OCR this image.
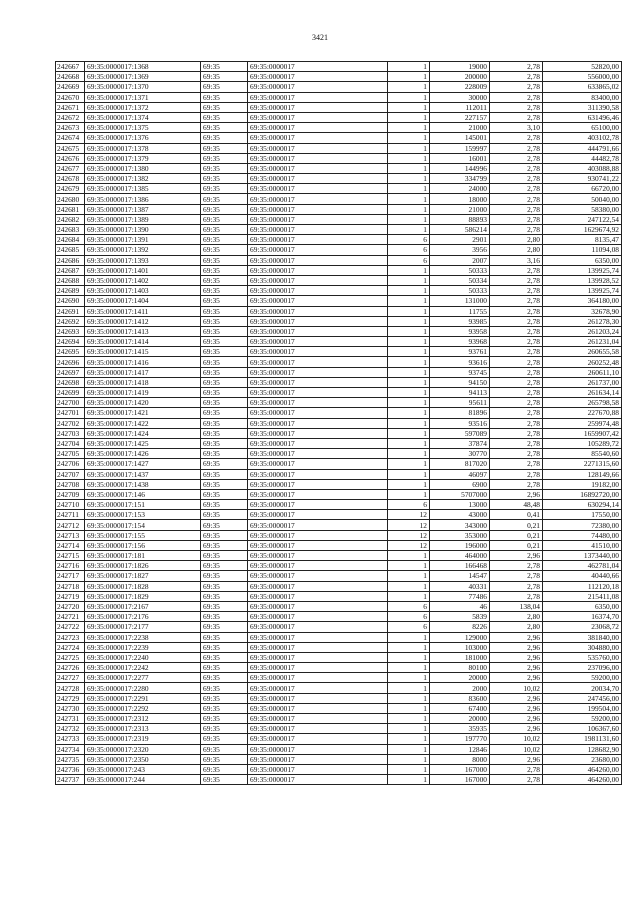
3421
242667	69:35:0000017:1368	69:35	69:35:0000017	1	19000	2,78	52820,00
242668	69:35:0000017:1369	69:35	69:35:0000017	1	200000	2,78	556000,00
242669	69:35:0000017:1370	69:35	69:35:0000017	1	228009	2,78	633865,02
242670	69:35:0000017:1371	69:35	69:35:0000017	1	30000	2,78	83400,00
242671	69:35:0000017:1372	69:35	69:35:0000017	1	112011	2,78	311390,58
242672	69:35:0000017:1374	69:35	69:35:0000017	1	227157	2,78	631496,46
242673	69:35:0000017:1375	69:35	69:35:0000017	1	21000	3,10	65100,00
242674	69:35:0000017:1376	69:35	69:35:0000017	1	145001	2,78	403102,78
242675	69:35:0000017:1378	69:35	69:35:0000017	1	159997	2,78	444791,66
242676	69:35:0000017:1379	69:35	69:35:0000017	1	16001	2,78	44482,78
242677	69:35:0000017:1380	69:35	69:35:0000017	1	144996	2,78	403088,88
242678	69:35:0000017:1382	69:35	69:35:0000017	1	334799	2,78	930741,22
242679	69:35:0000017:1385	69:35	69:35:0000017	1	24000	2,78	66720,00
242680	69:35:0000017:1386	69:35	69:35:0000017	1	18000	2,78	50040,00
242681	69:35:0000017:1387	69:35	69:35:0000017	1	21000	2,78	58380,00
242682	69:35:0000017:1389	69:35	69:35:0000017	1	88893	2,78	247122,54
242683	69:35:0000017:1390	69:35	69:35:0000017	1	586214	2,78	1629674,92
242684	69:35:0000017:1391	69:35	69:35:0000017	6	2901	2,80	8135,47
242685	69:35:0000017:1392	69:35	69:35:0000017	6	3956	2,80	11094,08
242686	69:35:0000017:1393	69:35	69:35:0000017	6	2007	3,16	6350,00
242687	69:35:0000017:1401	69:35	69:35:0000017	1	50333	2,78	139925,74
242688	69:35:0000017:1402	69:35	69:35:0000017	1	50334	2,78	139928,52
242689	69:35:0000017:1403	69:35	69:35:0000017	1	50333	2,78	139925,74
242690	69:35:0000017:1404	69:35	69:35:0000017	1	131000	2,78	364180,00
242691	69:35:0000017:1411	69:35	69:35:0000017	1	11755	2,78	32678,90
242692	69:35:0000017:1412	69:35	69:35:0000017	1	93985	2,78	261278,30
242693	69:35:0000017:1413	69:35	69:35:0000017	1	93958	2,78	261203,24
242694	69:35:0000017:1414	69:35	69:35:0000017	1	93968	2,78	261231,04
242695	69:35:0000017:1415	69:35	69:35:0000017	1	93761	2,78	260655,58
242696	69:35:0000017:1416	69:35	69:35:0000017	1	93616	2,78	260252,48
242697	69:35:0000017:1417	69:35	69:35:0000017	1	93745	2,78	260611,10
242698	69:35:0000017:1418	69:35	69:35:0000017	1	94150	2,78	261737,00
242699	69:35:0000017:1419	69:35	69:35:0000017	1	94113	2,78	261634,14
242700	69:35:0000017:1420	69:35	69:35:0000017	1	95611	2,78	265798,58
242701	69:35:0000017:1421	69:35	69:35:0000017	1	81896	2,78	227670,88
242702	69:35:0000017:1422	69:35	69:35:0000017	1	93516	2,78	259974,48
242703	69:35:0000017:1424	69:35	69:35:0000017	1	597089	2,78	1659907,42
242704	69:35:0000017:1425	69:35	69:35:0000017	1	37874	2,78	105289,72
242705	69:35:0000017:1426	69:35	69:35:0000017	1	30770	2,78	85540,60
242706	69:35:0000017:1427	69:35	69:35:0000017	1	817020	2,78	2271315,60
242707	69:35:0000017:1437	69:35	69:35:0000017	1	46097	2,78	128149,66
242708	69:35:0000017:1438	69:35	69:35:0000017	1	6900	2,78	19182,00
242709	69:35:0000017:146	69:35	69:35:0000017	1	5707000	2,96	16892720,00
242710	69:35:0000017:151	69:35	69:35:0000017	6	13000	48,48	630294,14
242711	69:35:0000017:153	69:35	69:35:0000017	12	43000	0,41	17550,00
242712	69:35:0000017:154	69:35	69:35:0000017	12	343000	0,21	72380,00
242713	69:35:0000017:155	69:35	69:35:0000017	12	353000	0,21	74480,00
242714	69:35:0000017:156	69:35	69:35:0000017	12	196000	0,21	41510,00
242715	69:35:0000017:181	69:35	69:35:0000017	1	464000	2,96	1373440,00
242716	69:35:0000017:1826	69:35	69:35:0000017	1	166468	2,78	462781,04
242717	69:35:0000017:1827	69:35	69:35:0000017	1	14547	2,78	40440,66
242718	69:35:0000017:1828	69:35	69:35:0000017	1	40331	2,78	112120,18
242719	69:35:0000017:1829	69:35	69:35:0000017	1	77486	2,78	215411,08
242720	69:35:0000017:2167	69:35	69:35:0000017	6	46	138,04	6350,00
242721	69:35:0000017:2176	69:35	69:35:0000017	6	5839	2,80	16374,70
242722	69:35:0000017:2177	69:35	69:35:0000017	6	8226	2,80	23068,72
242723	69:35:0000017:2238	69:35	69:35:0000017	1	129000	2,96	381840,00
242724	69:35:0000017:2239	69:35	69:35:0000017	1	103000	2,96	304880,00
242725	69:35:0000017:2240	69:35	69:35:0000017	1	181000	2,96	535760,00
242726	69:35:0000017:2242	69:35	69:35:0000017	1	80100	2,96	237096,00
242727	69:35:0000017:2277	69:35	69:35:0000017	1	20000	2,96	59200,00
242728	69:35:0000017:2280	69:35	69:35:0000017	1	2000	10,02	20034,70
242729	69:35:0000017:2291	69:35	69:35:0000017	1	83600	2,96	247456,00
242730	69:35:0000017:2292	69:35	69:35:0000017	1	67400	2,96	199504,00
242731	69:35:0000017:2312	69:35	69:35:0000017	1	20000	2,96	59200,00
242732	69:35:0000017:2313	69:35	69:35:0000017	1	35935	2,96	106367,60
242733	69:35:0000017:2319	69:35	69:35:0000017	1	197770	10,02	1981131,60
242734	69:35:0000017:2320	69:35	69:35:0000017	1	12846	10,02	128682,90
242735	69:35:0000017:2350	69:35	69:35:0000017	1	8000	2,96	23680,00
242736	69:35:0000017:243	69:35	69:35:0000017	1	167000	2,78	464260,00
242737	69:35:0000017:244	69:35	69:35:0000017	1	167000	2,78	464260,00
